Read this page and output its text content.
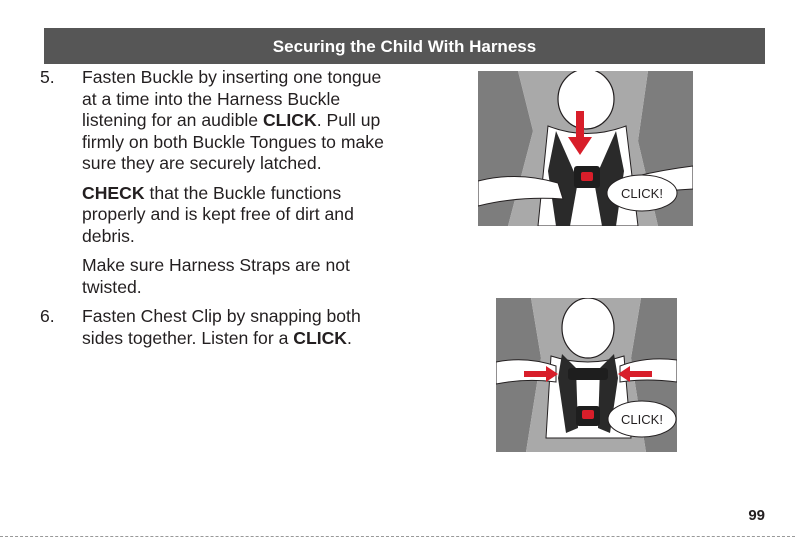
Securing the Child With Harness
5.	Fasten Buckle by inserting one tongue at a time into the Harness Buckle listening for an audible CLICK. Pull up firmly on both Buckle Tongues to make sure they are securely latched.

CHECK that the Buckle functions properly and is kept free of dirt and debris.

Make sure Harness Straps are not twisted.

6.	Fasten Chest Clip by snapping both sides together. Listen for a CLICK.

CLICK!
CLICK!
99
